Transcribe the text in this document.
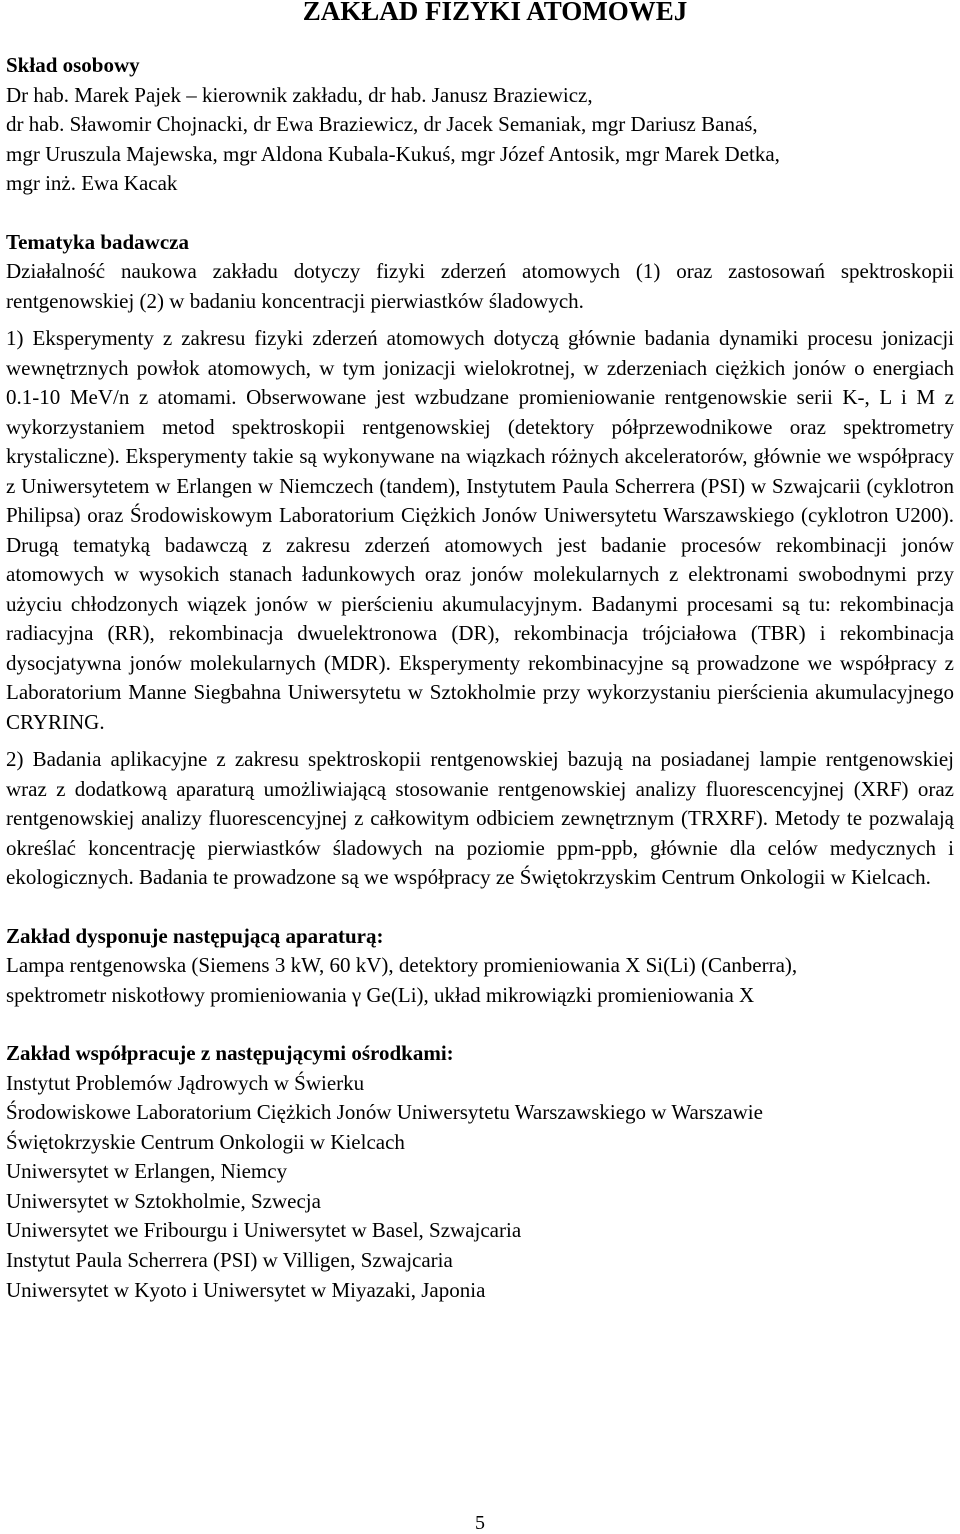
ZAKŁAD FIZYKI ATOMOWEJ

Skład osobowy

Dr hab. Marek Pajek – kierownik zakładu, dr hab. Janusz Braziewicz,

dr hab. Sławomir Chojnacki, dr Ewa Braziewicz, dr Jacek Semaniak, mgr Dariusz Banaś,

mgr Uruszula Majewska, mgr Aldona Kubala-Kukuś, mgr Józef Antosik, mgr Marek Detka,

mgr inż. Ewa Kacak

Tematyka badawcza

Działalność naukowa zakładu dotyczy fizyki zderzeń atomowych (1) oraz zastosowań spektroskopii rentgenowskiej (2) w badaniu koncentracji pierwiastków śladowych.

1) Eksperymenty z zakresu fizyki zderzeń atomowych dotyczą głównie badania dynamiki procesu jonizacji wewnętrznych powłok atomowych, w tym jonizacji wielokrotnej, w zderzeniach ciężkich jonów o energiach 0.1-10 MeV/n z atomami. Obserwowane jest wzbudzane promieniowanie rentgenowskie serii K-, L i M z wykorzystaniem metod spektroskopii rentgenowskiej (detektory półprzewodnikowe oraz spektrometry krystaliczne). Eksperymenty takie są wykonywane na wiązkach różnych akceleratorów, głównie we współpracy z Uniwersytetem w Erlangen w Niemczech (tandem), Instytutem Paula Scherrera (PSI) w Szwajcarii (cyklotron Philipsa) oraz Środowiskowym Laboratorium Ciężkich Jonów Uniwersytetu Warszawskiego (cyklotron U200). Drugą tematyką badawczą z zakresu zderzeń atomowych jest badanie procesów rekombinacji jonów atomowych w wysokich stanach ładunkowych oraz jonów molekularnych z elektronami swobodnymi przy użyciu chłodzonych wiązek jonów w pierścieniu akumulacyjnym. Badanymi procesami są tu: rekombinacja radiacyjna (RR), rekombinacja dwuelektronowa (DR), rekombinacja trójciałowa (TBR) i rekombinacja dysocjatywna jonów molekularnych (MDR). Eksperymenty rekombinacyjne są prowadzone we współpracy z Laboratorium Manne Siegbahna Uniwersytetu w Sztokholmie przy wykorzystaniu pierścienia akumulacyjnego CRYRING.

2) Badania aplikacyjne z zakresu spektroskopii rentgenowskiej bazują na posiadanej lampie rentgenowskiej wraz z dodatkową aparaturą umożliwiającą stosowanie rentgenowskiej analizy fluorescencyjnej (XRF) oraz rentgenowskiej analizy fluorescencyjnej z całkowitym odbiciem zewnętrznym (TRXRF). Metody te pozwalają określać koncentrację pierwiastków śladowych na poziomie ppm-ppb, głównie dla celów medycznych i ekologicznych. Badania te prowadzone są we współpracy ze Świętokrzyskim Centrum Onkologii w Kielcach.

Zakład dysponuje następującą aparaturą:

Lampa rentgenowska (Siemens 3 kW, 60 kV), detektory promieniowania X Si(Li) (Canberra),

spektrometr niskotłowy promieniowania γ Ge(Li), układ mikrowiązki promieniowania X

Zakład współpracuje z następującymi ośrodkami:

Instytut Problemów Jądrowych w Świerku

Środowiskowe Laboratorium Ciężkich Jonów Uniwersytetu Warszawskiego w Warszawie

Świętokrzyskie Centrum Onkologii w Kielcach

Uniwersytet w Erlangen, Niemcy

Uniwersytet w Sztokholmie, Szwecja

Uniwersytet we Fribourgu i Uniwersytet w Basel, Szwajcaria

Instytut Paula Scherrera (PSI) w Villigen, Szwajcaria

Uniwersytet w Kyoto i Uniwersytet w Miyazaki, Japonia

5
